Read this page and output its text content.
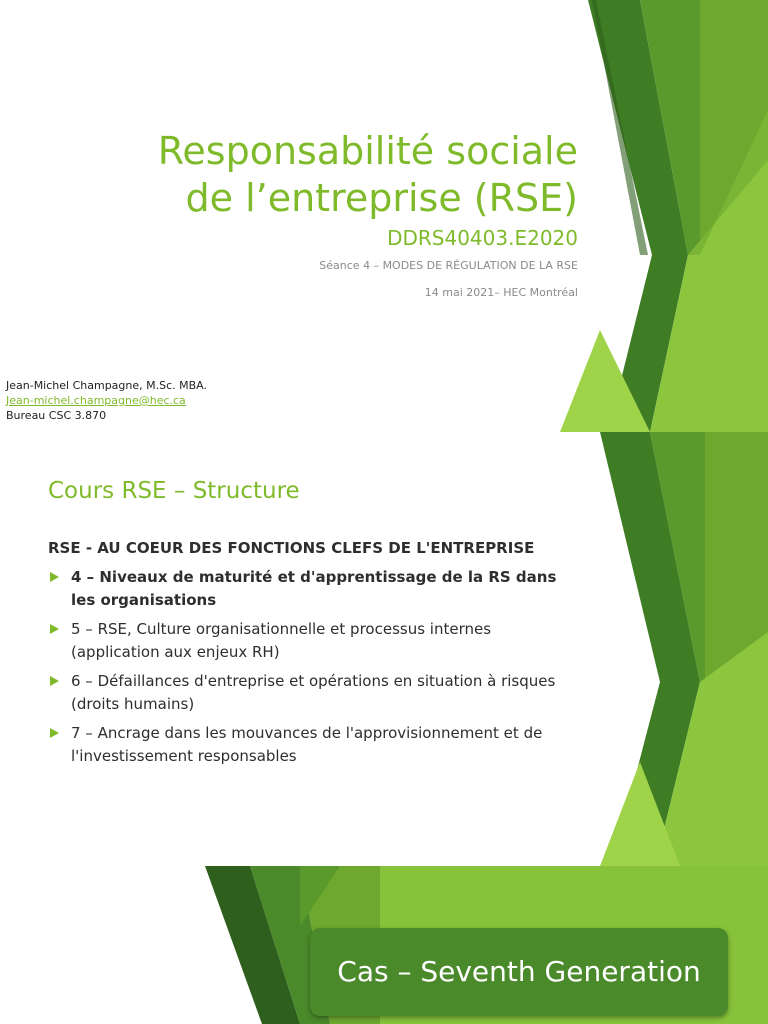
Responsabilité sociale
de l’entreprise (RSE)

DDRS40403.E2020

Séance 4 – MODES DE RÉGULATION DE LA RSE

14 mai 2021– HEC Montréal

Jean-Michel Champagne, M.Sc. MBA.
Jean-michel.champagne@hec.ca
Bureau CSC 3.870
Cours RSE – Structure
RSE - AU COEUR DES FONCTIONS CLEFS DE L'ENTREPRISE
4 – Niveaux de maturité et d'apprentissage de la RS dans les organisations
5 – RSE, Culture organisationnelle et processus internes (application aux enjeux RH)
6 – Défaillances d'entreprise et opérations en situation à risques (droits humains)
7 – Ancrage dans les mouvances de l'approvisionnement et de l'investissement responsables
Cas – Seventh Generation
